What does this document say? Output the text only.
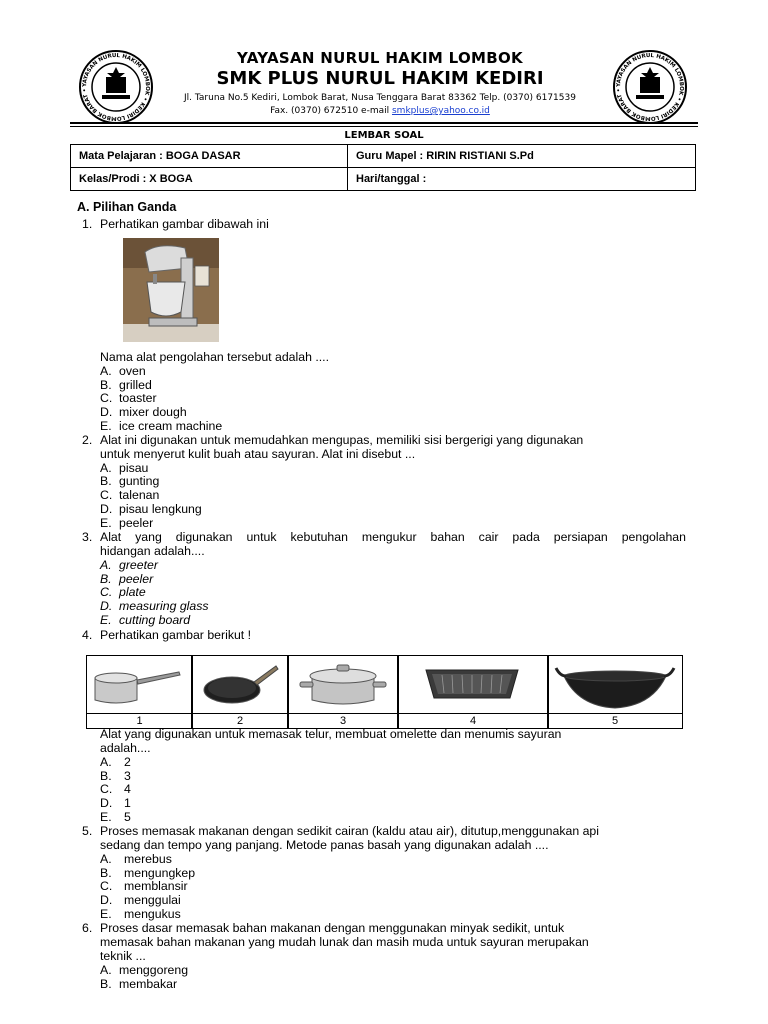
YAYASAN NURUL HAKIM LOMBOK • KEDIRI LOMBOK BARAT •
YAYASAN NURUL HAKIM LOMBOK • KEDIRI LOMBOK BARAT •
YAYASAN NURUL HAKIM LOMBOK
SMK PLUS NURUL HAKIM KEDIRI
Jl. Taruna No.5 Kediri, Lombok Barat, Nusa Tenggara Barat 83362 Telp. (0370) 6171539
Fax. (0370) 672510 e-mail smkplus@yahoo.co.id
LEMBAR SOAL
Mata Pelajaran : BOGA DASAR	Guru Mapel : RIRIN RISTIANI S.Pd
Kelas/Prodi : X BOGA	Hari/tanggal :
A. Pilihan Ganda
1. Perhatikan gambar dibawah ini
Nama alat pengolahan tersebut adalah ....
A. oven
B. grilled
C. toaster
D. mixer dough
E. ice cream machine
2. Alat ini digunakan untuk memudahkan mengupas, memiliki sisi bergerigi yang digunakan
untuk menyerut kulit buah atau sayuran. Alat ini disebut ...
A. pisau
B. gunting
C. talenan
D. pisau lengkung
E. peeler
3. Alat yang digunakan untuk kebutuhan mengukur bahan cair pada persiapan pengolahan
hidangan adalah....
A. greeter
B. peeler
C. plate
D. measuring glass
E. cutting board
4. Perhatikan gambar berikut !
1	2	3	4	5
Alat yang digunakan untuk memasak telur, membuat omelette dan menumis sayuran
adalah....
A. 2
B. 3
C. 4
D. 1
E. 5
5. Proses memasak makanan dengan sedikit cairan (kaldu atau air), ditutup,menggunakan api
sedang dan tempo yang panjang. Metode panas basah yang digunakan adalah ....
A. merebus
B. mengungkep
C. memblansir
D. menggulai
E. mengukus
6. Proses dasar memasak bahan makanan dengan menggunakan minyak sedikit, untuk
memasak bahan makanan yang mudah lunak dan masih muda untuk sayuran merupakan
teknik ...
A. menggoreng
B. membakar
